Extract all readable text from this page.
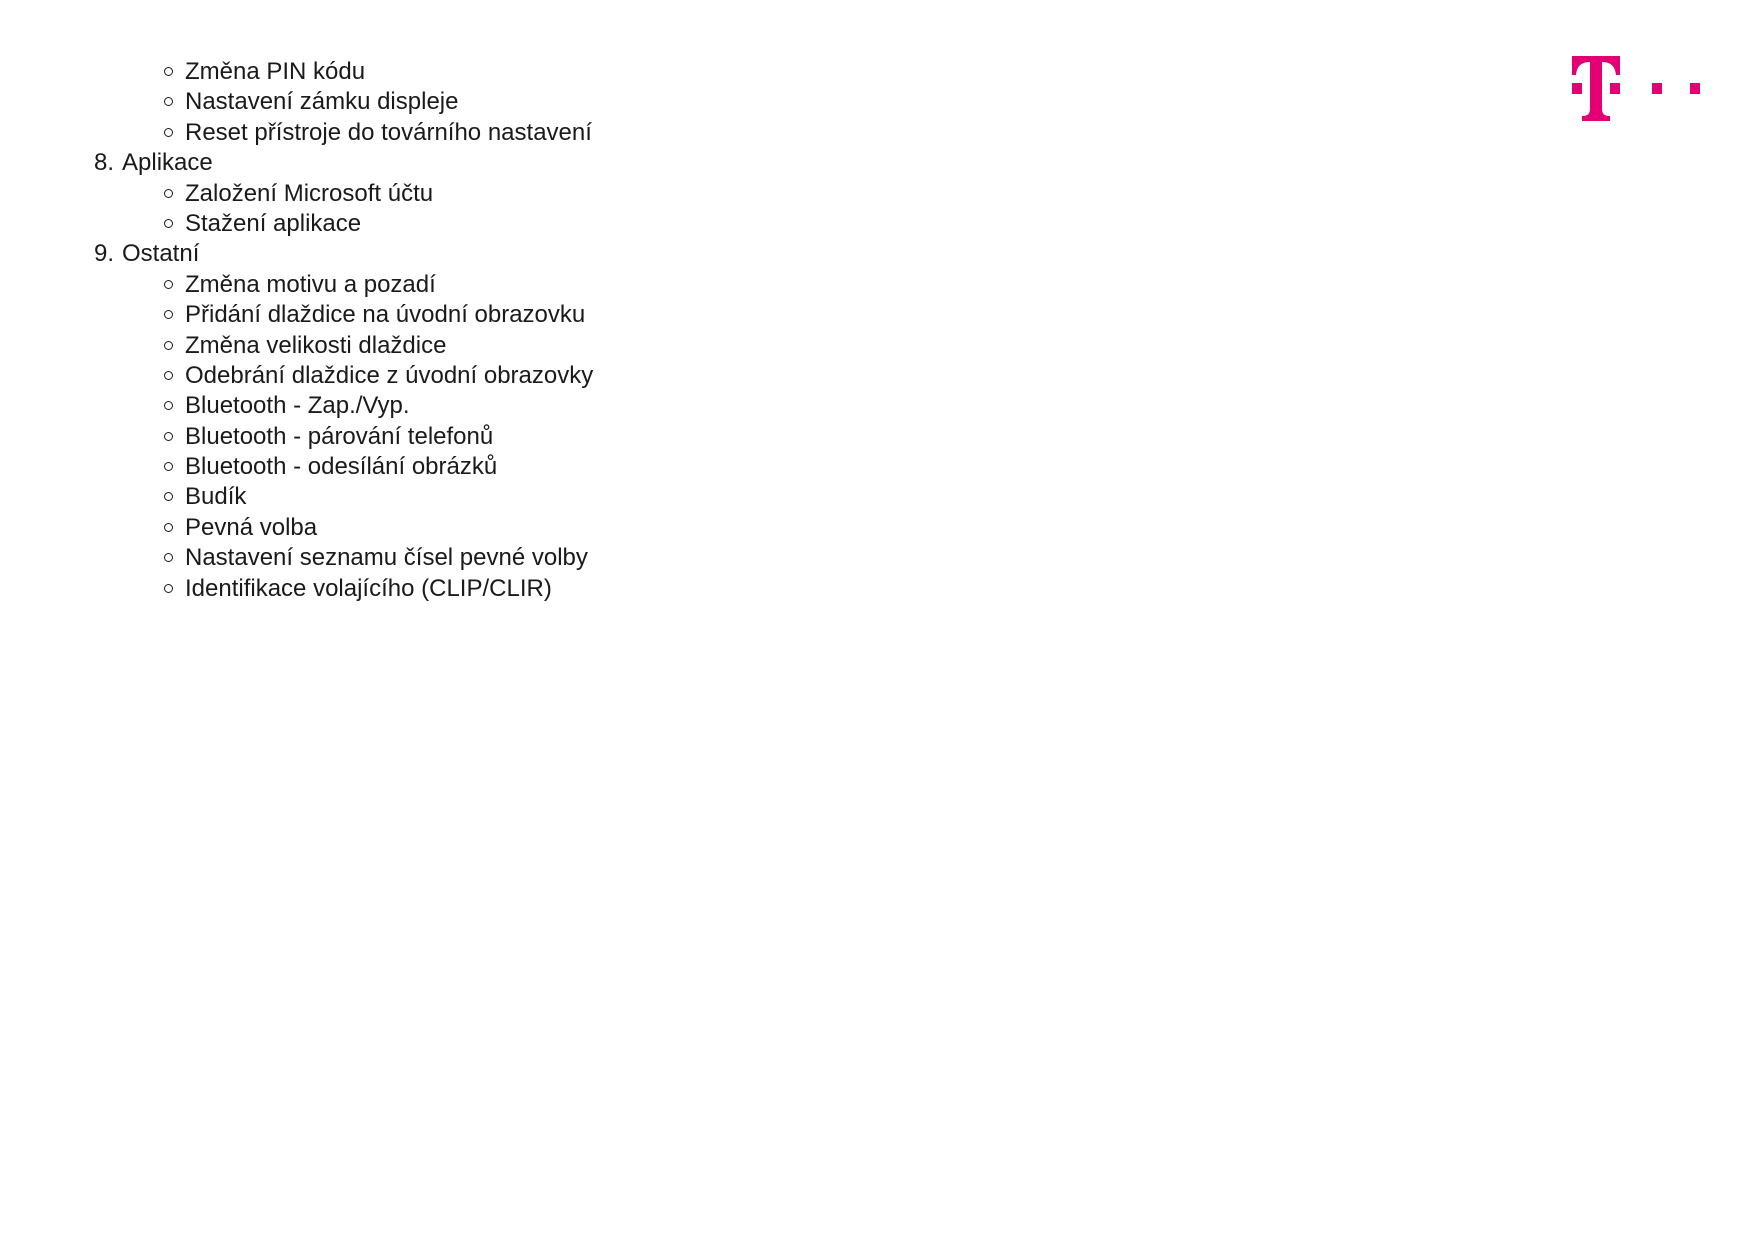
Změna PIN kódu
Nastavení zámku displeje
Reset přístroje do továrního nastavení
8. Aplikace
Založení Microsoft účtu
Stažení aplikace
9. Ostatní
Změna motivu a pozadí
Přidání dlaždice na úvodní obrazovku
Změna velikosti dlaždice
Odebrání dlaždice z úvodní obrazovky
Bluetooth - Zap./Vyp.
Bluetooth - párování telefonů
Bluetooth - odesílání obrázků
Budík
Pevná volba
Nastavení seznamu čísel pevné volby
Identifikace volajícího (CLIP/CLIR)
